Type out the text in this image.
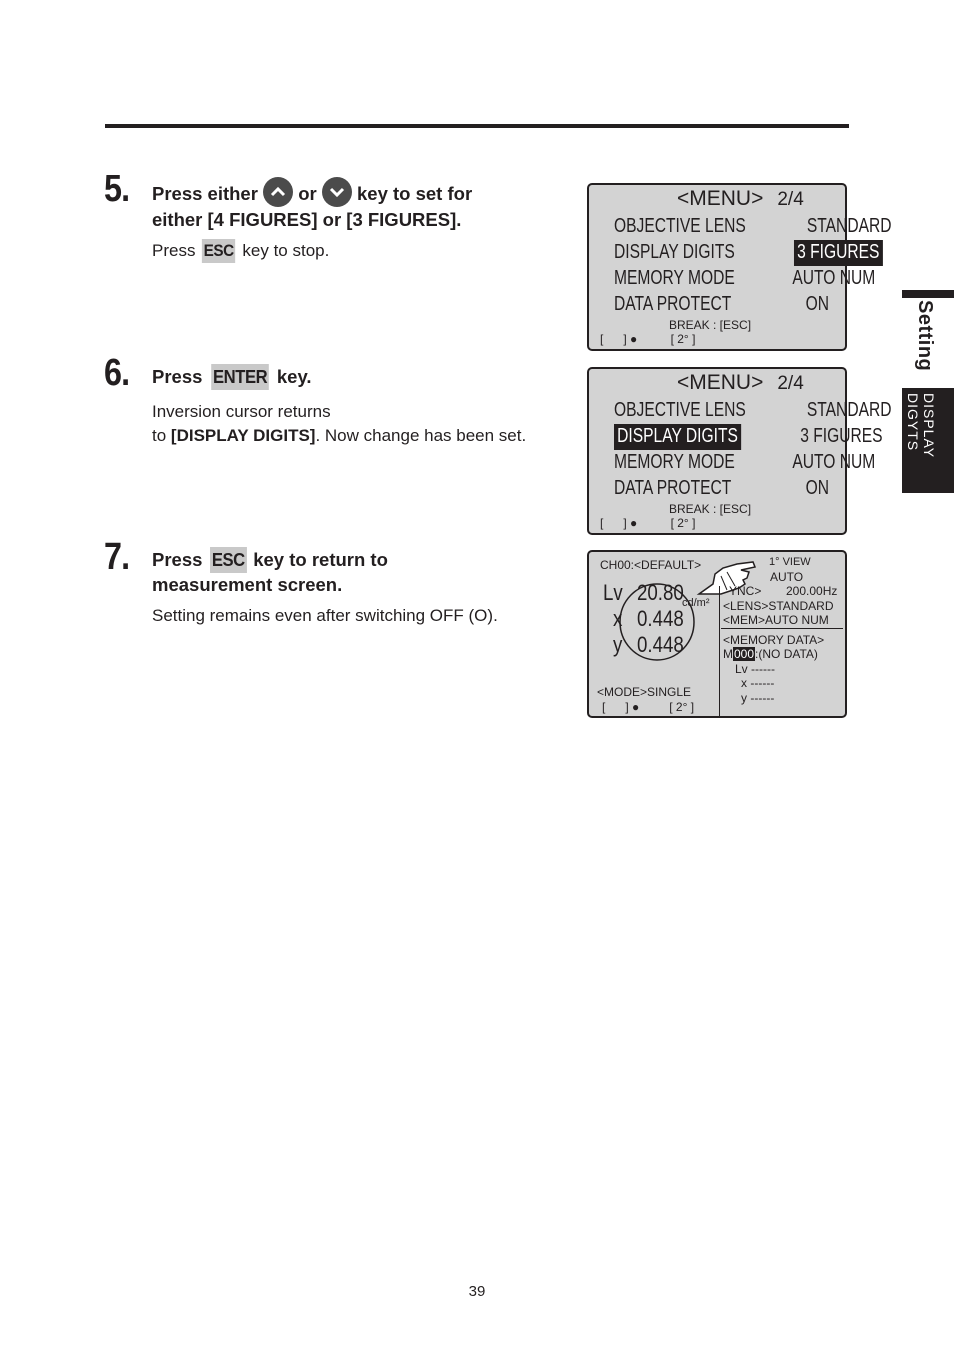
5. Press either or key to set for
either [4 FIGURES] or [3 FIGURES].
Press ESC key to stop.
6. Press ENTER key.
Inversion cursor returns
to [DISPLAY DIGITS]. Now change has been set.
7. Press ESC key to return to
measurement screen.
Setting remains even after switching OFF (O).
<MENU> 2/4
OBJECTIVE LENS	STANDARD
DISPLAY DIGITS	3 FIGURES
MEMORY MODE	AUTO NUM
DATA PROTECT	ON
BREAK : [ESC]
[      ] ●          [ 2° ]
<MENU> 2/4
OBJECTIVE LENS	STANDARD
DISPLAY DIGITS	3 FIGURES
MEMORY MODE	AUTO NUM
DATA PROTECT	ON
BREAK : [ESC]
[      ] ●          [ 2° ]
CH00:<DEFAULT>
Lv 20.80
x 0.448
y 0.448
cd/m²
1° VIEW
AUTO
YNC> 200.00Hz
<LENS>STANDARD
<MEM>AUTO NUM
<MEMORY DATA>
M000:(NO DATA)
Lv ------
x ------
y ------
<MODE>SINGLE
[      ] ●         [ 2° ]
Setting
DISPLAY
DIGYTS
39
